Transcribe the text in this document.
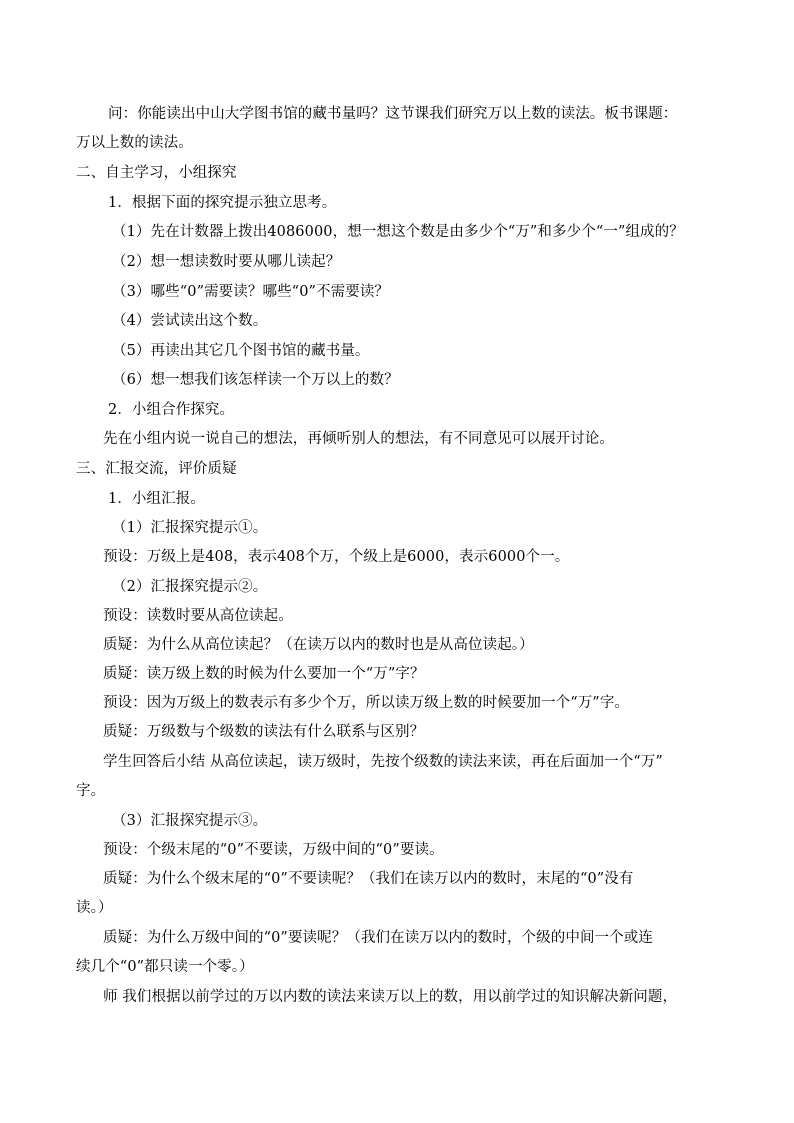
问：你能读出中山大学图书馆的藏书量吗？这节课我们研究万以上数的读法。板书课题：
万以上数的读法。
二、自主学习，小组探究
1．根据下面的探究提示独立思考。
（1）先在计数器上拨出4086000，想一想这个数是由多少个“万”和多少个“一”组成的？
（2）想一想读数时要从哪儿读起？
（3）哪些“0”需要读？哪些“0”不需要读？
（4）尝试读出这个数。
（5）再读出其它几个图书馆的藏书量。
（6）想一想我们该怎样读一个万以上的数？
2．小组合作探究。
先在小组内说一说自己的想法，再倾听别人的想法，有不同意见可以展开讨论。
三、汇报交流，评价质疑
1．小组汇报。
（1）汇报探究提示①。
预设：万级上是408，表示408个万，个级上是6000，表示6000个一。
（2）汇报探究提示②。
预设：读数时要从高位读起。
质疑：为什么从高位读起？（在读万以内的数时也是从高位读起。）
质疑：读万级上数的时候为什么要加一个“万”字？
预设：因为万级上的数表示有多少个万，所以读万级上数的时候要加一个“万”字。
质疑：万级数与个级数的读法有什么联系与区别？
学生回答后小结 从高位读起，读万级时，先按个级数的读法来读，再在后面加一个“万”
字。
（3）汇报探究提示③。
预设：个级末尾的“0”不要读，万级中间的“0”要读。
质疑：为什么个级末尾的“0”不要读呢？（我们在读万以内的数时，末尾的“0”没有
读。）
质疑：为什么万级中间的“0”要读呢？（我们在读万以内的数时，个级的中间一个或连
续几个“0”都只读一个零。）
师 我们根据以前学过的万以内数的读法来读万以上的数，用以前学过的知识解决新问题，
